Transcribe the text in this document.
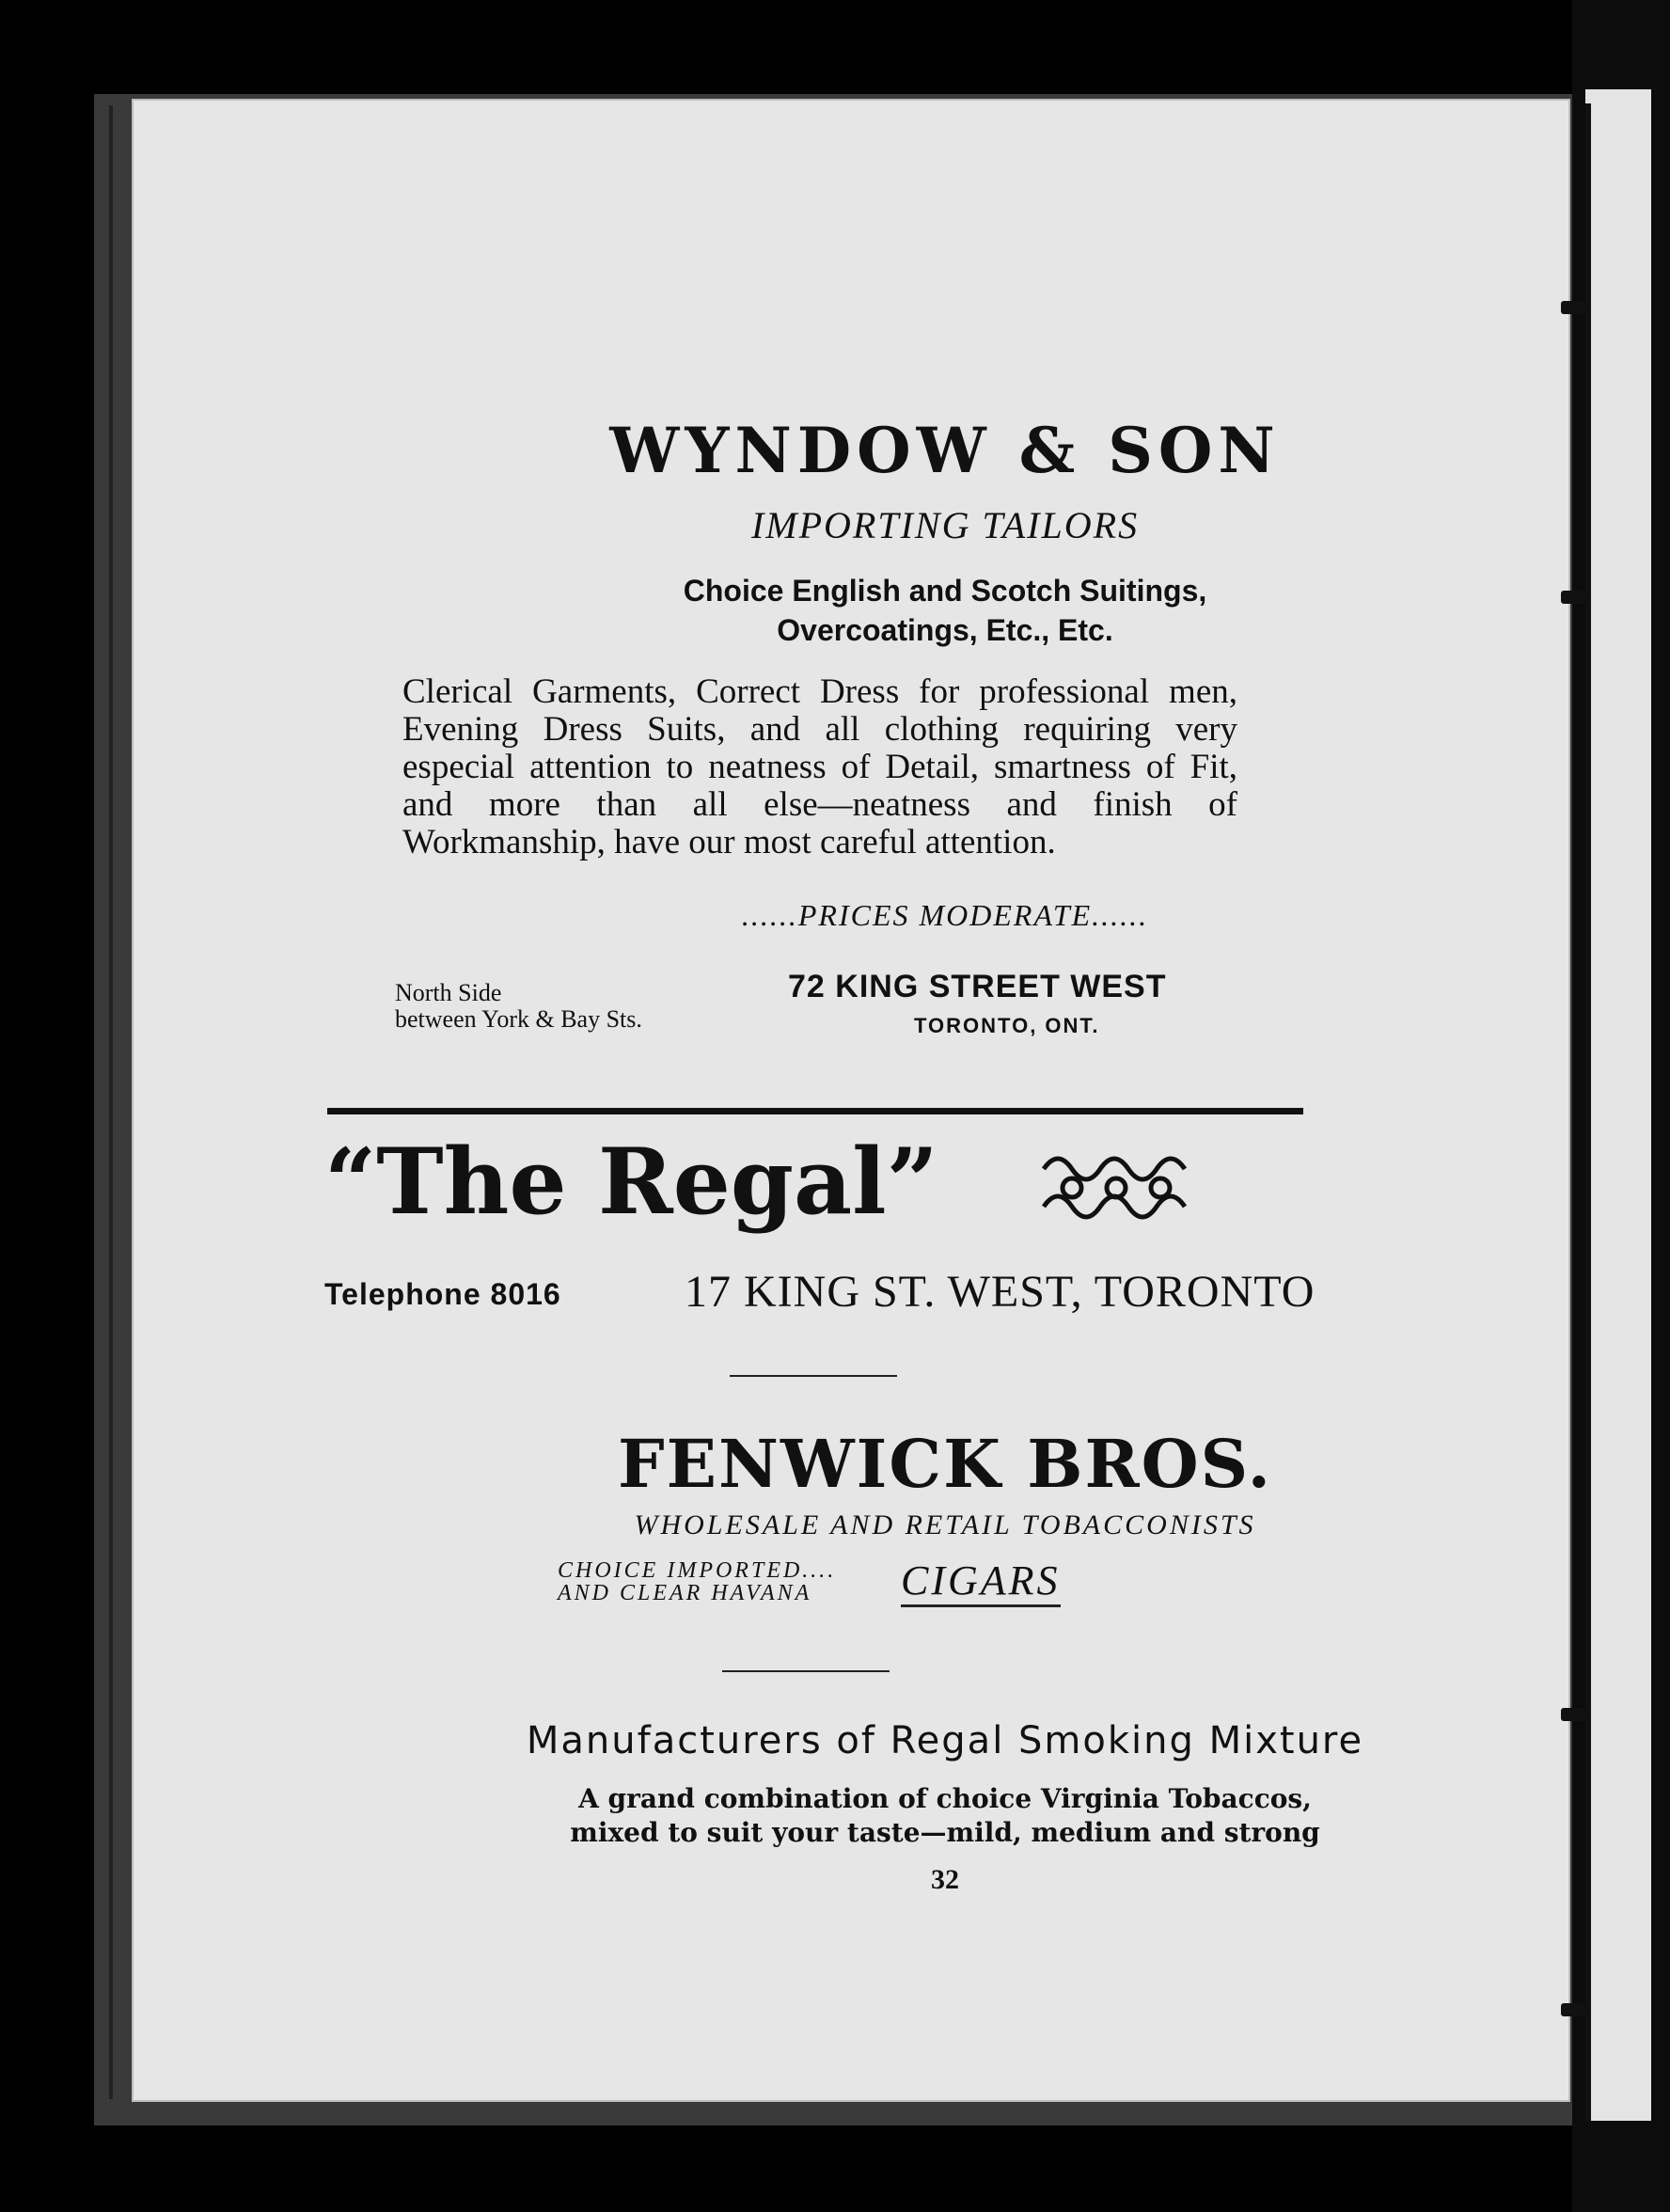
WYNDOW & SON
IMPORTING TAILORS
Choice English and Scotch Suitings,
Overcoatings, Etc., Etc.
Clerical Garments, Correct Dress for professional men, Evening Dress Suits, and all clothing requiring very especial attention to neatness of Detail, smartness of Fit, and more than all else—neatness and finish of Workmanship, have our most careful attention.
......PRICES MODERATE......
North Side
between York & Bay Sts.
72 KING STREET WEST
TORONTO, ONT.
“The Regal”
Telephone 8016	17 KING ST. WEST, TORONTO
FENWICK BROS.
WHOLESALE AND RETAIL TOBACCONISTS
CHOICE IMPORTED....
AND CLEAR HAVANA	CIGARS
Manufacturers of Regal Smoking Mixture
A grand combination of choice Virginia Tobaccos,
mixed to suit your taste—mild, medium and strong
32
